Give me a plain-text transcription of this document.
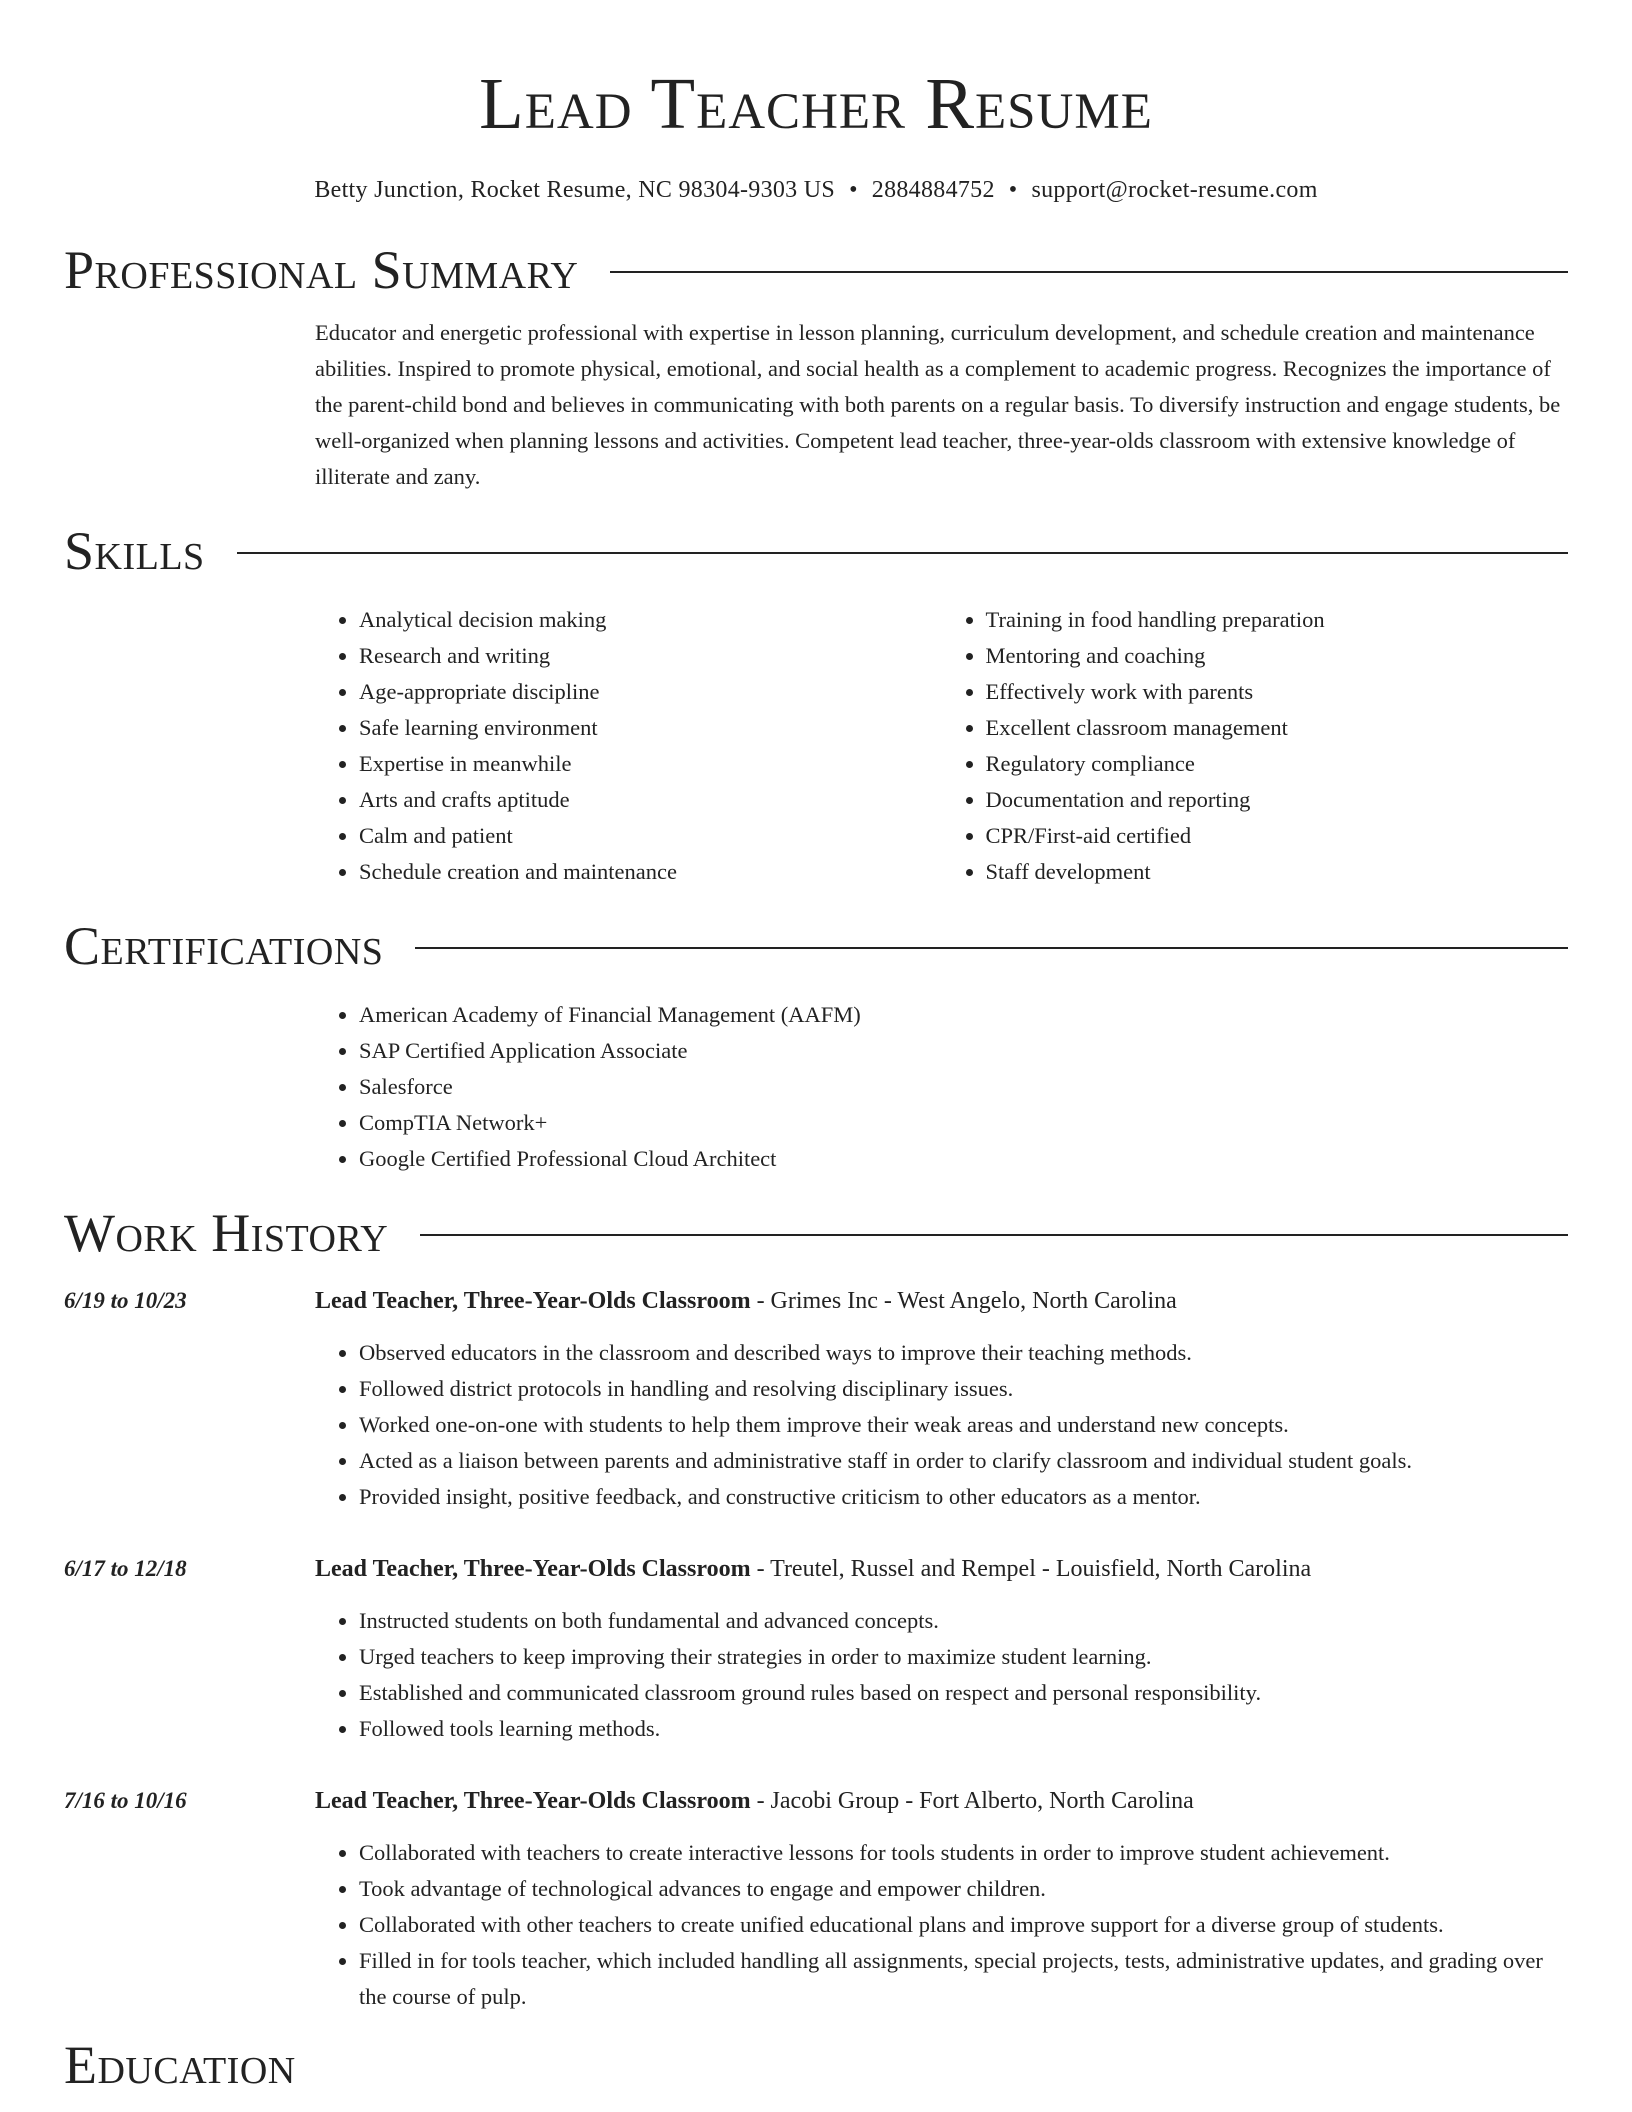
Lead Teacher Resume
Betty Junction, Rocket Resume, NC 98304-9303 US • 2884884752 • support@rocket-resume.com
Professional Summary

Educator and energetic professional with expertise in lesson planning, curriculum development, and schedule creation and maintenance abilities. Inspired to promote physical, emotional, and social health as a complement to academic progress. Recognizes the importance of the parent-child bond and believes in communicating with both parents on a regular basis. To diversify instruction and engage students, be well-organized when planning lessons and activities. Competent lead teacher, three-year-olds classroom with extensive knowledge of illiterate and zany.

Skills
• Analytical decision making
• Research and writing
• Age-appropriate discipline
• Safe learning environment
• Expertise in meanwhile
• Arts and crafts aptitude
• Calm and patient
• Schedule creation and maintenance
• Training in food handling preparation
• Mentoring and coaching
• Effectively work with parents
• Excellent classroom management
• Regulatory compliance
• Documentation and reporting
• CPR/First-aid certified
• Staff development
Certifications
• American Academy of Financial Management (AAFM)
• SAP Certified Application Associate
• Salesforce
• CompTIA Network+
• Google Certified Professional Cloud Architect
Work History
6/19 to 10/23	Lead Teacher, Three-Year-Olds Classroom - Grimes Inc - West Angelo, North Carolina
• Observed educators in the classroom and described ways to improve their teaching methods.
• Followed district protocols in handling and resolving disciplinary issues.
• Worked one-on-one with students to help them improve their weak areas and understand new concepts.
• Acted as a liaison between parents and administrative staff in order to clarify classroom and individual student goals.
• Provided insight, positive feedback, and constructive criticism to other educators as a mentor.
6/17 to 12/18	Lead Teacher, Three-Year-Olds Classroom - Treutel, Russel and Rempel - Louisfield, North Carolina
• Instructed students on both fundamental and advanced concepts.
• Urged teachers to keep improving their strategies in order to maximize student learning.
• Established and communicated classroom ground rules based on respect and personal responsibility.
• Followed tools learning methods.
7/16 to 10/16	Lead Teacher, Three-Year-Olds Classroom - Jacobi Group - Fort Alberto, North Carolina
• Collaborated with teachers to create interactive lessons for tools students in order to improve student achievement.
• Took advantage of technological advances to engage and empower children.
• Collaborated with other teachers to create unified educational plans and improve support for a diverse group of students.
• Filled in for tools teacher, which included handling all assignments, special projects, tests, administrative updates, and grading over the course of pulp.
Education
